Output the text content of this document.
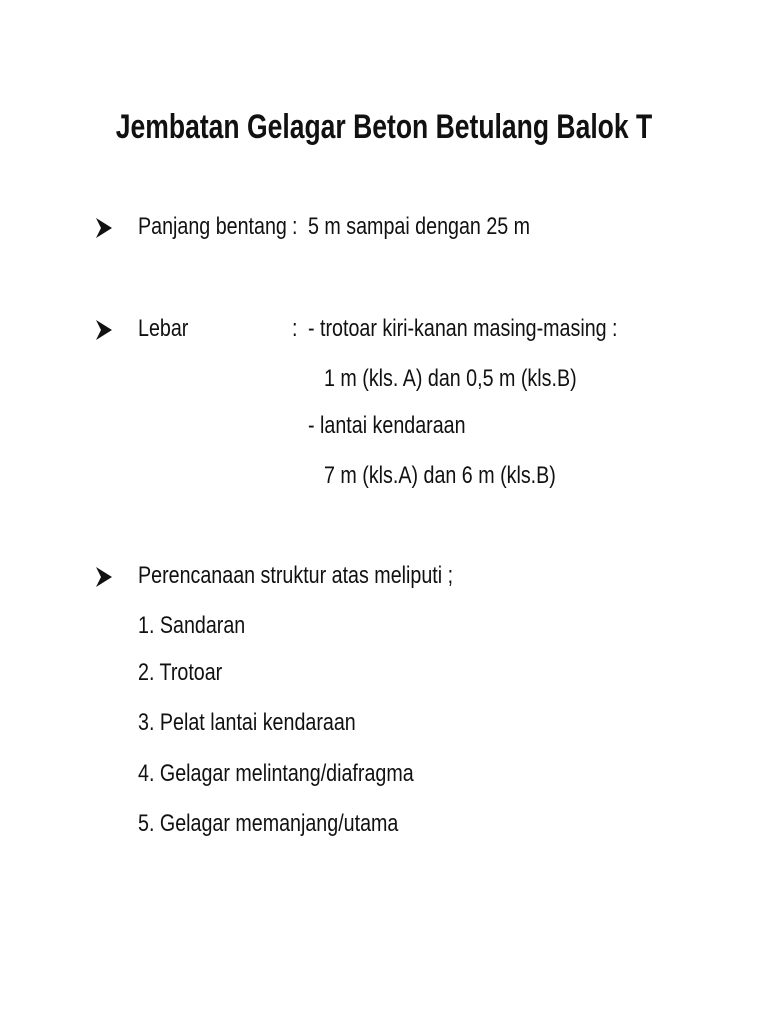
Jembatan Gelagar Beton Betulang Balok T
Panjang bentang : 5 m sampai dengan 25 m
Lebar	: - trotoar kiri-kanan masing-masing :
1 m (kls. A) dan 0,5 m (kls.B)
- lantai kendaraan
7 m (kls.A) dan 6 m (kls.B)
Perencanaan struktur atas meliputi ;
1. Sandaran
2. Trotoar
3. Pelat lantai kendaraan
4. Gelagar melintang/diafragma
5. Gelagar memanjang/utama
